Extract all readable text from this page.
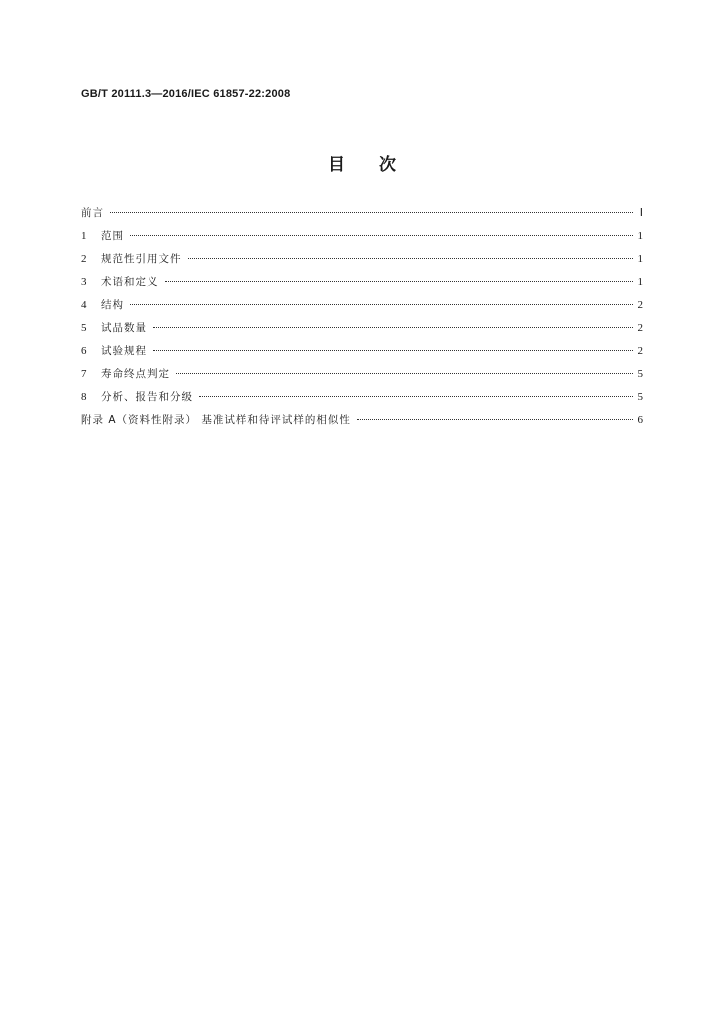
GB/T 20111.3—2016/IEC 61857-22:2008
目次
前言	Ⅰ
1	范围	1
2	规范性引用文件	1
3	术语和定义	1
4	结构	2
5	试品数量	2
6	试验规程	2
7	寿命终点判定	5
8	分析、报告和分级	5
附录 A（资料性附录） 基准试样和待评试样的相似性	6
